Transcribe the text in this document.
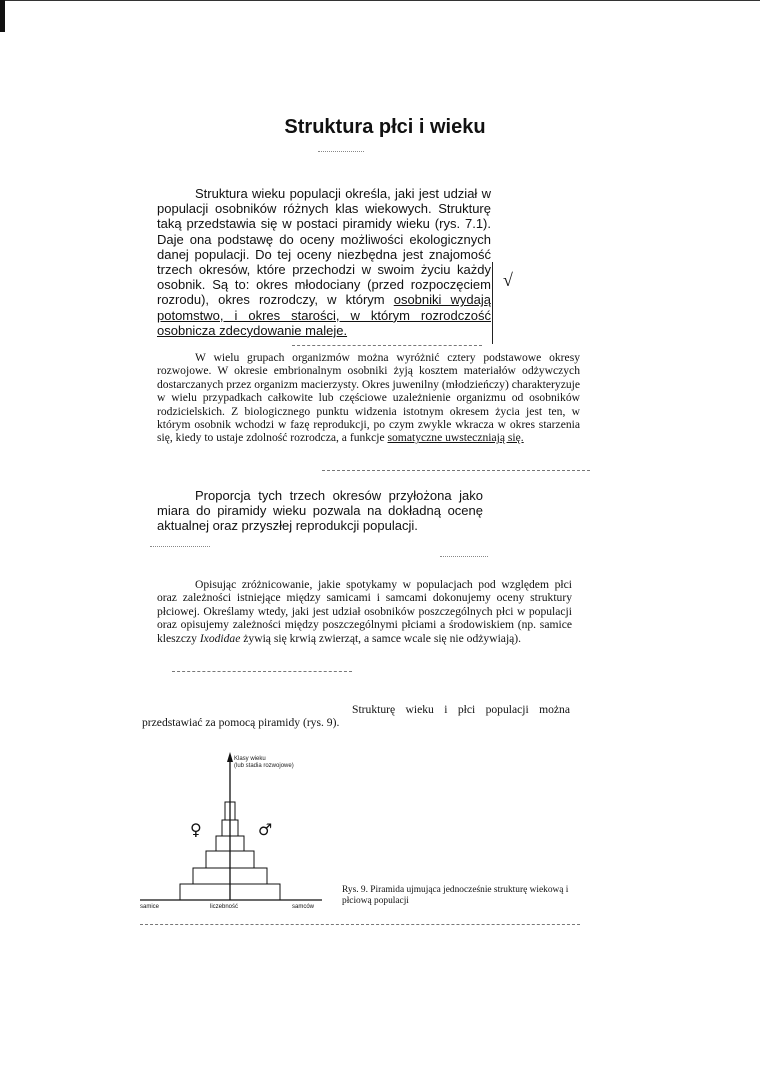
Struktura płci i wieku

Struktura wieku populacji określa, jaki jest udział w populacji osobników różnych klas wiekowych. Strukturę taką przedstawia się w postaci piramidy wieku (rys. 7.1). Daje ona podstawę do oceny możliwości ekologicznych danej populacji. Do tej oceny niezbędna jest znajomość trzech okresów, które przechodzi w swoim życiu każdy osobnik. Są to: okres młodociany (przed rozpoczęciem rozrodu), okres rozrodczy, w którym osobniki wydają potomstwo, i okres starości, w którym rozrodczość osobnicza zdecydowanie maleje.

√

W wielu grupach organizmów można wyróżnić cztery podstawowe okresy rozwojowe. W okresie embrionalnym osobniki żyją kosztem materiałów odżywczych dostarczanych przez organizm macierzysty. Okres juwenilny (młodzieńczy) charakteryzuje w wielu przypadkach całkowite lub częściowe uzależnienie organizmu od osobników rodzicielskich. Z biologicznego punktu widzenia istotnym okresem życia jest ten, w którym osobnik wchodzi w fazę reprodukcji, po czym zwykle wkracza w okres starzenia się, kiedy to ustaje zdolność rozrodcza, a funkcje somatyczne uwsteczniają się.

Proporcja tych trzech okresów przyłożona jako miara do piramidy wieku pozwala na dokładną ocenę aktualnej oraz przyszłej reprodukcji populacji.

Opisując zróżnicowanie, jakie spotykamy w populacjach pod względem płci oraz zależności istniejące między samicami i samcami dokonujemy oceny struktury płciowej. Określamy wtedy, jaki jest udział osobników poszczególnych płci w populacji oraz opisujemy zależności między poszczególnymi płciami a środowiskiem (np. samice kleszczy Ixodidae żywią się krwią zwierząt, a samce wcale się nie odżywiają).

Strukturę wieku i płci populacji można przedstawiać za pomocą piramidy (rys. 9).

♀	♂
samice	liczebność	samców
Klasy wieku
(lub stadia rozwojowe)

Rys. 9. Piramida ujmująca jednocześnie strukturę wiekową i płciową populacji
